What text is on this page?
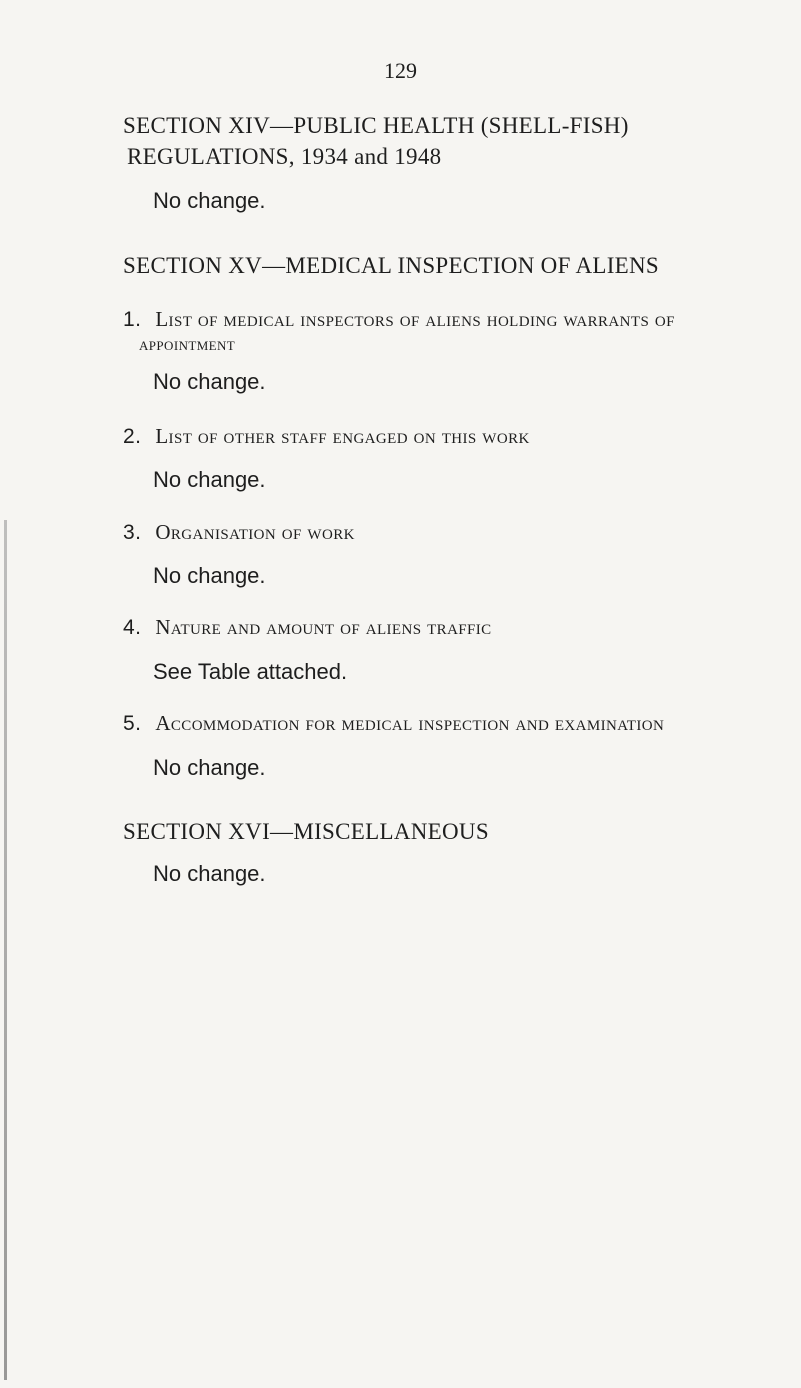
129
SECTION XIV—PUBLIC HEALTH (SHELL-FISH)
REGULATIONS, 1934 and 1948
No change.
SECTION XV—MEDICAL INSPECTION OF ALIENS
1. List of medical inspectors of aliens holding warrants of
appointment
No change.
2. List of other staff engaged on this work
No change.
3. Organisation of work
No change.
4. Nature and amount of aliens traffic
See Table attached.
5. Accommodation for medical inspection and examination
No change.
SECTION XVI—MISCELLANEOUS
No change.
